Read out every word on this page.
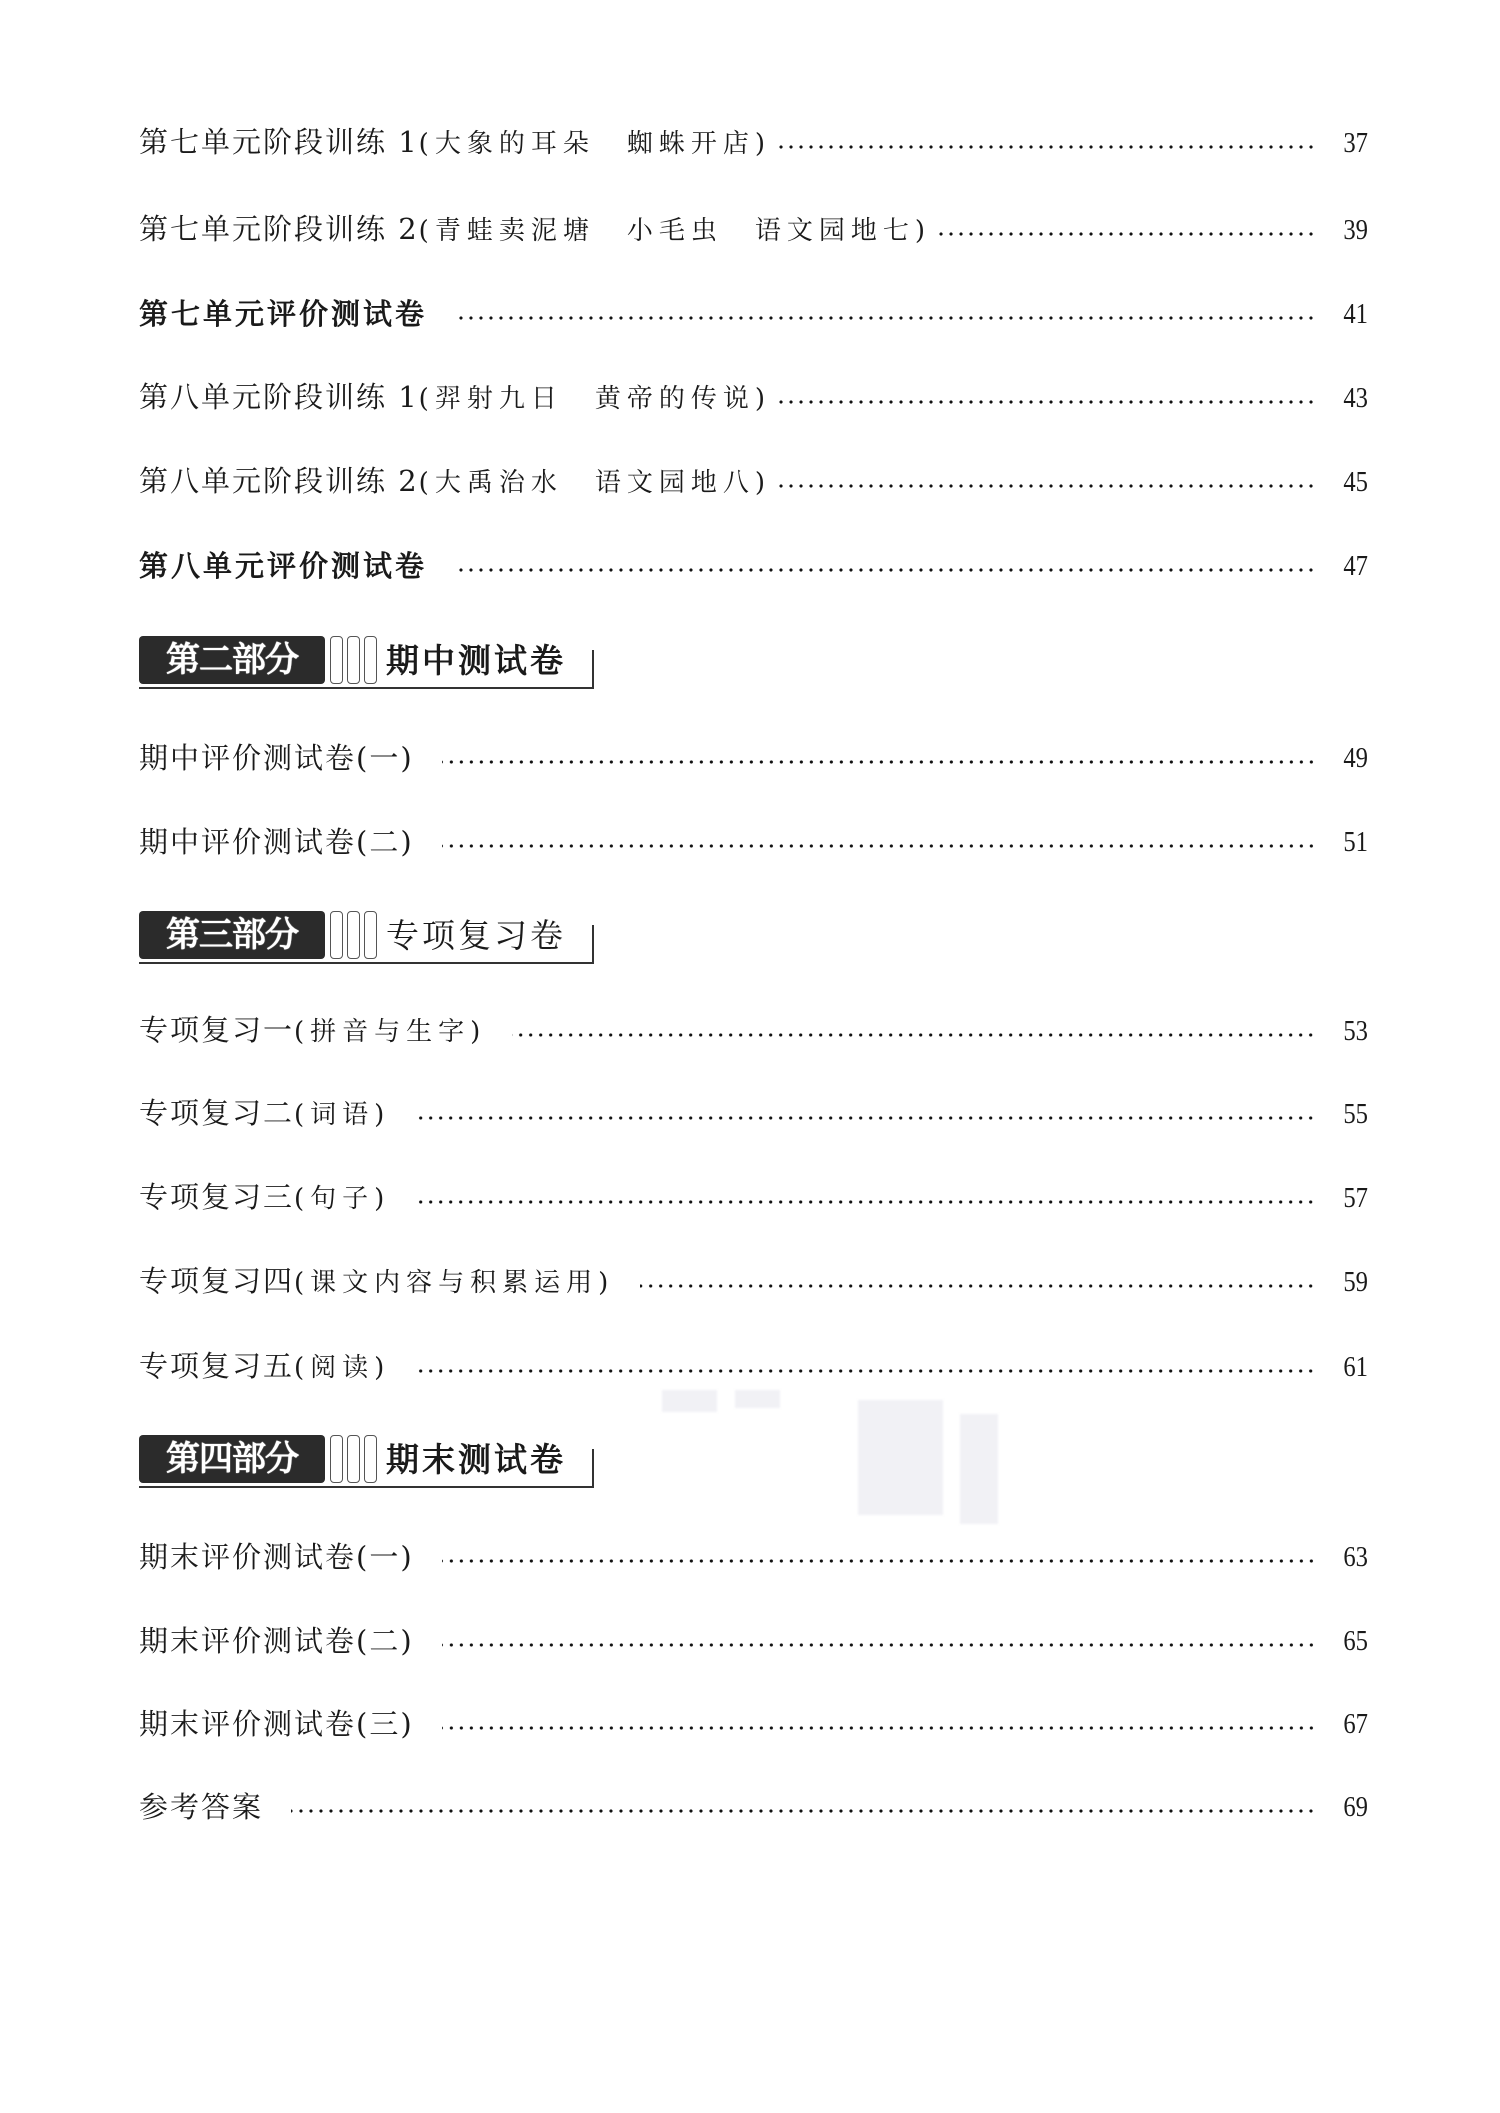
第七单元阶段训练 1(大象的耳朵　蜘蛛开店)	37
第七单元阶段训练 2(青蛙卖泥塘　小毛虫　语文园地七)	39
第七单元评价测试卷	41
第八单元阶段训练 1(羿射九日　黄帝的传说)	43
第八单元阶段训练 2(大禹治水　语文园地八)	45
第八单元评价测试卷	47
第二部分	期中测试卷
期中评价测试卷(一)	49
期中评价测试卷(二)	51
第三部分	专项复习卷
专项复习一(拼音与生字)	53
专项复习二(词语)	55
专项复习三(句子)	57
专项复习四(课文内容与积累运用)	59
专项复习五(阅读)	61
第四部分	期末测试卷
期末评价测试卷(一)	63
期末评价测试卷(二)	65
期末评价测试卷(三)	67
参考答案	69
